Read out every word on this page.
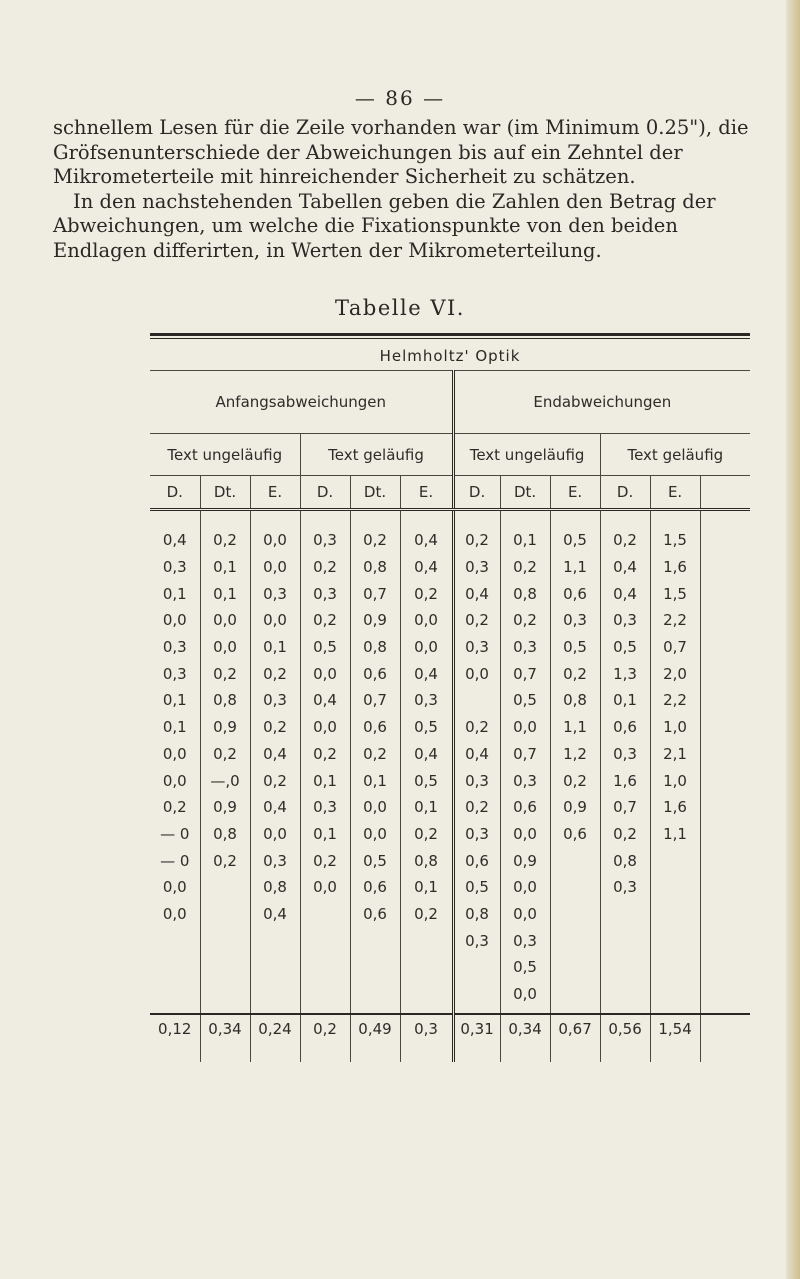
— 86 —

schnellem Lesen für die Zeile vorhanden war (im Minimum 0.25"), die Gröfsenunterschiede der Abweichungen bis auf ein Zehntel der Mikrometerteile mit hinreichender Sicherheit zu schätzen.

In den nachstehenden Tabellen geben die Zahlen den Betrag der Abweichungen, um welche die Fixationspunkte von den beiden Endlagen differirten, in Werten der Mikrometerteilung.

Tabelle VI.
Helmholtz' Optik
Anfangsabweichungen						Endabweichungen					
Text ungeläufig			Text geläufig			Text ungeläufig			Text geläufig		
D.	Dt.	E.	D.	Dt.	E.	D.	Dt.	E.	D.	E.	

0,4	0,2	0,0	0,3	0,2	0,4	0,2	0,1	0,5	0,2	1,5	
0,3	0,1	0,0	0,2	0,8	0,4	0,3	0,2	1,1	0,4	1,6	
0,1	0,1	0,3	0,3	0,7	0,2	0,4	0,8	0,6	0,4	1,5	
0,0	0,0	0,0	0,2	0,9	0,0	0,2	0,2	0,3	0,3	2,2	
0,3	0,0	0,1	0,5	0,8	0,0	0,3	0,3	0,5	0,5	0,7	
0,3	0,2	0,2	0,0	0,6	0,4	0,0	0,7	0,2	1,3	2,0	
0,1	0,8	0,3	0,4	0,7	0,3		0,5	0,8	0,1	2,2	
0,1	0,9	0,2	0,0	0,6	0,5	0,2	0,0	1,1	0,6	1,0	
0,0	0,2	0,4	0,2	0,2	0,4	0,4	0,7	1,2	0,3	2,1	
0,0	—,0	0,2	0,1	0,1	0,5	0,3	0,3	0,2	1,6	1,0	
0,2	0,9	0,4	0,3	0,0	0,1	0,2	0,6	0,9	0,7	1,6	
— 0	0,8	0,0	0,1	0,0	0,2	0,3	0,0	0,6	0,2	1,1	
— 0	0,2	0,3	0,2	0,5	0,8	0,6	0,9		0,8		
0,0		0,8	0,0	0,6	0,1	0,5	0,0		0,3		
0,0		0,4		0,6	0,2	0,8	0,0				
						0,3	0,3				
							0,5				
							0,0				

0,12	0,34	0,24	0,2	0,49	0,3	0,31	0,34	0,67	0,56	1,54	
